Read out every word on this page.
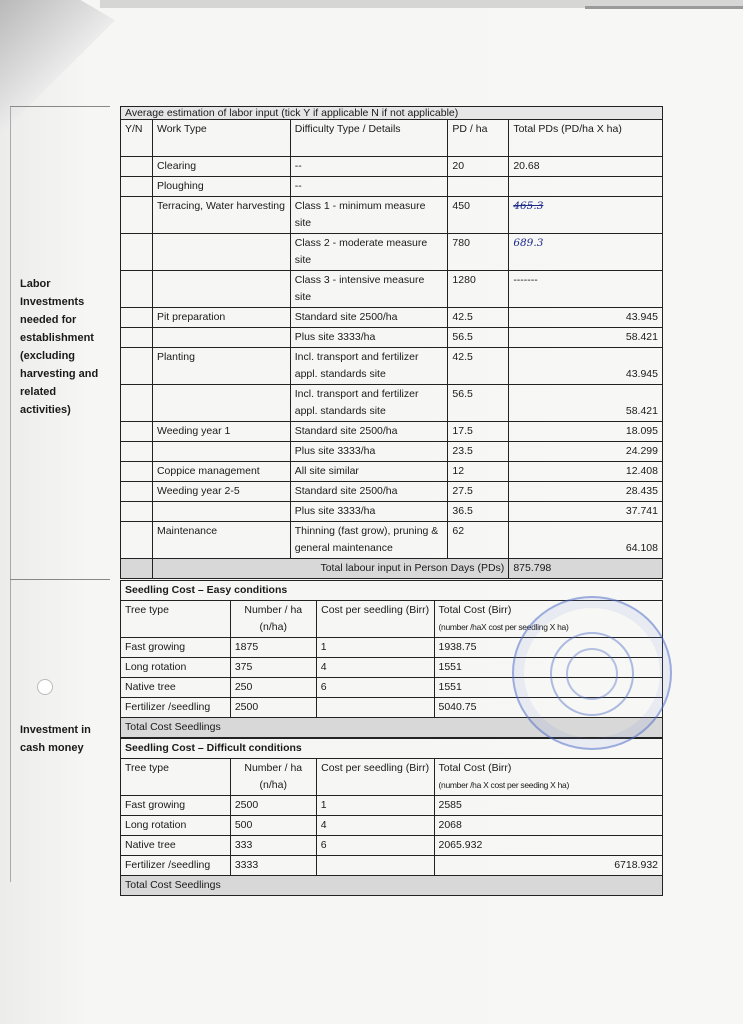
Labor Investments needed for establishment (excluding harvesting and related activities)
Investment in cash money
Average estimation of labor input (tick Y if applicable N if not applicable)				
Y/N	Work Type	Difficulty Type / Details	PD / ha	Total PDs (PD/ha X ha)
	Clearing	--	20	20.68
	Ploughing	--		
	Terracing, Water harvesting	Class 1 - minimum measure site	450	465.3
		Class 2 - moderate measure site	780	689.3
		Class 3 - intensive measure site	1280	-------
	Pit preparation	Standard site 2500/ha	42.5	43.945
		Plus site 3333/ha	56.5	58.421
	Planting	Incl. transport and fertilizer appl. standards site	42.5	43.945
		Incl. transport and fertilizer appl. standards site	56.5	58.421
	Weeding year 1	Standard site 2500/ha	17.5	18.095
		Plus site 3333/ha	23.5	24.299
	Coppice management	All site similar	12	12.408
	Weeding year 2-5	Standard site 2500/ha	27.5	28.435
		Plus site 3333/ha	36.5	37.741
	Maintenance	Thinning (fast grow), pruning & general maintenance	62	64.108
	Total labour input in Person Days (PDs)			875.798
Seedling Cost – Easy conditions			
Tree type	Number / ha (n/ha)	Cost per seedling (Birr)	Total Cost (Birr)
(number /haX cost per seedling X ha)
Fast growing	1875	1	1938.75
Long rotation	375	4	1551
Native tree	250	6	1551
Fertilizer /seedling	2500		5040.75
Total Cost Seedlings			
Seedling Cost – Difficult conditions			
Tree type	Number / ha (n/ha)	Cost per seedling (Birr)	Total Cost (Birr)
(number /ha X cost per seeding X ha)
Fast growing	2500	1	2585
Long rotation	500	4	2068
Native tree	333	6	2065.932
Fertilizer /seedling	3333		6718.932
Total Cost Seedlings			
